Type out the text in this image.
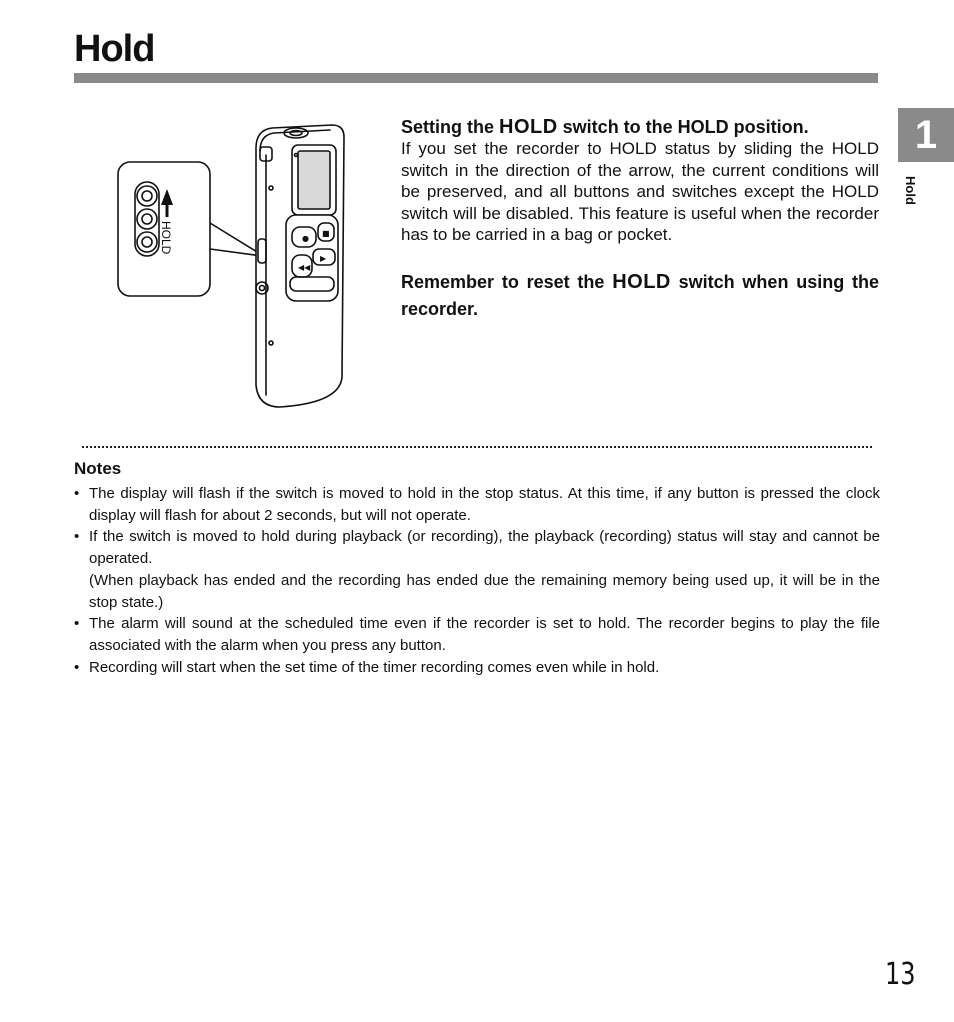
Hold
1
Hold
HOLD	●
■
◀◀
▶
Setting the HOLD switch to the HOLD position.

If you set the recorder to HOLD status by sliding the HOLD switch in the direction of the arrow, the current conditions will be preserved, and all buttons and switches except the HOLD switch will be disabled. This feature is useful when the recorder has to be carried in a bag or pocket.

Remember to reset the HOLD switch when using the recorder.

Notes
• The display will flash if the switch is moved to hold in the stop status. At this time, if any button is pressed the clock display will flash for about 2 seconds, but will not operate.
• If the switch is moved to hold during playback (or recording), the playback (recording) status will stay and cannot be operated.
(When playback has ended and the recording has ended due the remaining memory being used up, it will be in the stop state.)
• The alarm will sound at the scheduled time even if the recorder is set to hold. The recorder begins to play the file associated with the alarm when you press any button.
• Recording will start when the set time of the timer recording comes even while in hold.
13
